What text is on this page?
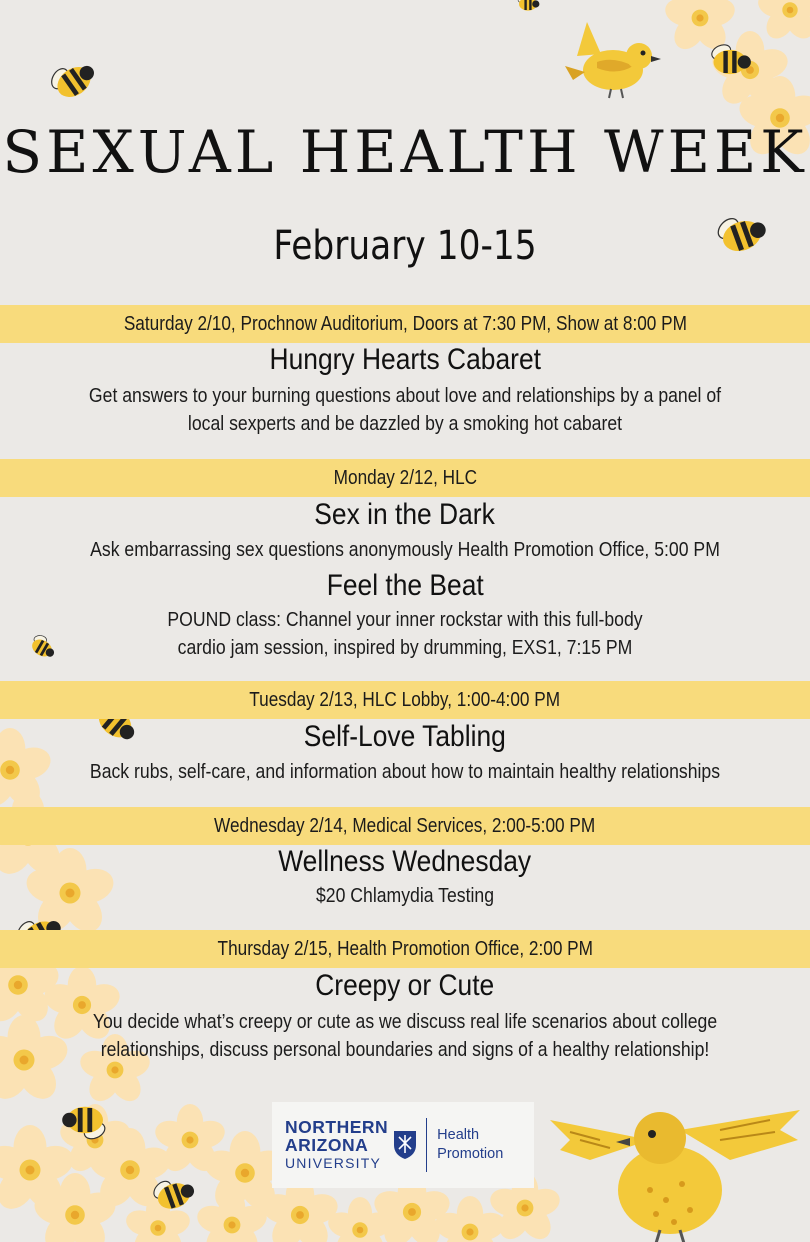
SEXUAL HEALTH WEEK
February 10-15
Saturday 2/10, Prochnow Auditorium, Doors at 7:30 PM, Show at 8:00 PM
Hungry Hearts Cabaret
Get answers to your burning questions about love and relationships by a panel of
local sexperts and be dazzled by a smoking hot cabaret
Monday 2/12, HLC
Sex in the Dark
Ask embarrassing sex questions anonymously Health Promotion Office, 5:00 PM
Feel the Beat
POUND class: Channel your inner rockstar with this full-body
cardio jam session, inspired by drumming, EXS1, 7:15 PM
Tuesday 2/13, HLC Lobby, 1:00-4:00 PM
Self-Love Tabling
Back rubs, self-care, and information about how to maintain healthy relationships
Wednesday 2/14, Medical Services, 2:00-5:00 PM
Wellness Wednesday
$20 Chlamydia Testing
Thursday 2/15, Health Promotion Office, 2:00 PM
Creepy or Cute
You decide what’s creepy or cute as we discuss real life scenarios about college
relationships, discuss personal boundaries and signs of a healthy relationship!
NORTHERN
ARIZONA
UNIVERSITY
Health
Promotion
